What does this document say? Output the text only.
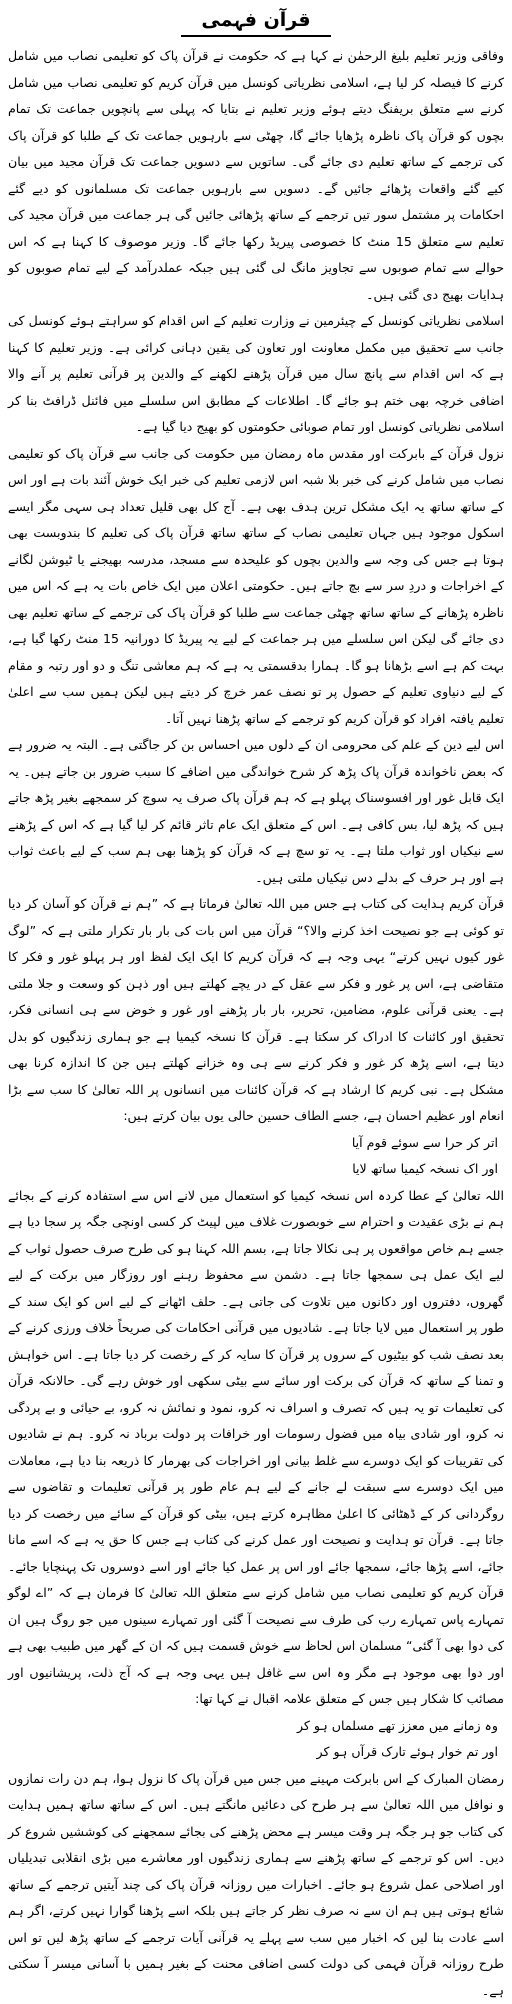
قرآن فہمی

وفاقی وزیر تعلیم بلیغ الرحمٰن نے کہا ہے کہ حکومت نے قرآن پاک کو تعلیمی نصاب میں شامل کرنے کا فیصلہ کر لیا ہے، اسلامی نظریاتی کونسل میں قرآن کریم کو تعلیمی نصاب میں شامل کرنے سے متعلق بریفنگ دیتے ہوئے وزیر تعلیم نے بتایا کہ پہلی سے پانچویں جماعت تک تمام بچوں کو قرآن پاک ناظرہ پڑھایا جائے گا، چھٹی سے بارہویں جماعت تک کے طلبا کو قرآن پاک کی ترجمے کے ساتھ تعلیم دی جائے گی۔ ساتویں سے دسویں جماعت تک قرآن مجید میں بیان کیے گئے واقعات پڑھائے جائیں گے۔ دسویں سے بارہویں جماعت تک مسلمانوں کو دیے گئے احکامات پر مشتمل سور تیں ترجمے کے ساتھ پڑھائی جائیں گی ہر جماعت میں قرآن مجید کی تعلیم سے متعلق 15 منٹ کا خصوصی پیریڈ رکھا جائے گا۔ وزیر موصوف کا کہنا ہے کہ اس حوالے سے تمام صوبوں سے تجاویز مانگ لی گئی ہیں جبکہ عملدرآمد کے لیے تمام صوبوں کو ہدایات بھیج دی گئی ہیں۔

اسلامی نظریاتی کونسل کے چیئرمین نے وزارت تعلیم کے اس اقدام کو سراہتے ہوئے کونسل کی جانب سے تحقیق میں مکمل معاونت اور تعاون کی یقین دہانی کرائی ہے۔ وزیر تعلیم کا کہنا ہے کہ اس اقدام سے پانچ سال میں قرآن پڑھنے لکھنے کے والدین پر قرآنی تعلیم پر آنے والا اضافی خرچہ بھی ختم ہو جائے گا۔ اطلاعات کے مطابق اس سلسلے میں فائنل ڈرافٹ بنا کر اسلامی نظریاتی کونسل اور تمام صوبائی حکومتوں کو بھیج دیا گیا ہے۔

نزول قرآن کے بابرکت اور مقدس ماہ رمضان میں حکومت کی جانب سے قرآن پاک کو تعلیمی نصاب میں شامل کرنے کی خبر بلا شبہ اس لازمی تعلیم کی خبر ایک خوش آئند بات ہے اور اس کے ساتھ ساتھ یہ ایک مشکل ترین ہدف بھی ہے۔ آج کل بھی قلیل تعداد ہی سہی مگر ایسے اسکول موجود ہیں جہاں تعلیمی نصاب کے ساتھ ساتھ قرآن پاک کی تعلیم کا بندوبست بھی ہوتا ہے جس کی وجہ سے والدین بچوں کو علیحدہ سے مسجد، مدرسہ بھیجنے یا ٹیوشن لگانے کے اخراجات و دردِ سر سے بچ جاتے ہیں۔ حکومتی اعلان میں ایک خاص بات یہ ہے کہ اس میں ناظرہ پڑھانے کے ساتھ ساتھ چھٹی جماعت سے طلبا کو قرآن پاک کی ترجمے کے ساتھ تعلیم بھی دی جائے گی لیکن اس سلسلے میں ہر جماعت کے لیے یہ پیریڈ کا دورانیہ 15 منٹ رکھا گیا ہے، بہت کم ہے اسے بڑھانا ہو گا۔ ہمارا بدقسمتی یہ ہے کہ ہم معاشی تنگ و دو اور رتبہ و مقام کے لیے دنیاوی تعلیم کے حصول پر تو نصف عمر خرچ کر دیتے ہیں لیکن ہمیں سب سے اعلیٰ تعلیم یافتہ افراد کو قرآن کریم کو ترجمے کے ساتھ پڑھنا نہیں آتا۔

اس لیے دین کے علم کی محرومی ان کے دلوں میں احساس بن کر جاگتی ہے۔ البتہ یہ ضرور ہے کہ بعض ناخواندہ قرآن پاک پڑھ کر شرح خواندگی میں اضافے کا سبب ضرور بن جاتے ہیں۔ یہ ایک قابل غور اور افسوسناک پہلو ہے کہ ہم قرآن پاک صرف یہ سوچ کر سمجھے بغیر پڑھ جاتے ہیں کہ پڑھ لیا، بس کافی ہے۔ اس کے متعلق ایک عام تاثر قائم کر لیا گیا ہے کہ اس کے پڑھنے سے نیکیاں اور ثواب ملتا ہے۔ یہ تو سچ ہے کہ قرآن کو پڑھنا بھی ہم سب کے لیے باعث ثواب ہے اور ہر حرف کے بدلے دس نیکیاں ملتی ہیں۔

قرآن کریم ہدایت کی کتاب ہے جس میں اللہ تعالیٰ فرماتا ہے کہ ”ہم نے قرآن کو آسان کر دیا تو کوئی ہے جو نصیحت اخذ کرنے والا؟“ قرآن میں اس بات کی بار بار تکرار ملتی ہے کہ ”لوگ غور کیوں نہیں کرتے“ یہی وجہ ہے کہ قرآن کریم کا ایک ایک لفظ اور ہر پہلو غور و فکر کا متقاضی ہے، اس پر غور و فکر سے عقل کے در یچے کھلتے ہیں اور ذہن کو وسعت و جلا ملتی ہے۔ یعنی قرآنی علوم، مضامین، تحریر، بار بار پڑھنے اور غور و خوض سے ہی انسانی فکر، تحقیق اور کائنات کا ادراک کر سکتا ہے۔ قرآن کا نسخہ کیمیا ہے جو ہماری زندگیوں کو بدل دیتا ہے، اسے پڑھ کر غور و فکر کرنے سے ہی وہ خزانے کھلتے ہیں جن کا اندازہ کرنا بھی مشکل ہے۔ نبی کریم کا ارشاد ہے کہ قرآن کائنات میں انسانوں پر اللہ تعالیٰ کا سب سے بڑا انعام اور عظیم احسان ہے، جسے الطاف حسین حالی یوں بیان کرتے ہیں:

اتر کر حرا سے سوئے قوم آیا
اور اک نسخہ کیمیا ساتھ لایا

اللہ تعالیٰ کے عطا کردہ اس نسخہ کیمیا کو استعمال میں لانے اس سے استفادہ کرنے کے بجائے ہم نے بڑی عقیدت و احترام سے خوبصورت غلاف میں لپیٹ کر کسی اونچی جگہ پر سجا دیا ہے جسے ہم خاص مواقعوں پر ہی نکالا جاتا ہے، بسم اللہ کہنا ہو کی طرح صرف حصول ثواب کے لیے ایک عمل ہی سمجھا جاتا ہے۔ دشمن سے محفوظ رہنے اور روزگار میں برکت کے لیے گھروں، دفتروں اور دکانوں میں تلاوت کی جاتی ہے۔ حلف اٹھانے کے لیے اس کو ایک سند کے طور پر استعمال میں لایا جاتا ہے۔ شادیوں میں قرآنی احکامات کی صریحاً خلاف ورزی کرنے کے بعد نصف شب کو بیٹیوں کے سروں پر قرآن کا سایہ کر کے رخصت کر دیا جاتا ہے۔ اس خواہش و تمنا کے ساتھ کہ قرآن کی برکت اور سائے سے بیٹی سکھی اور خوش رہے گی۔ حالانکہ قرآن کی تعلیمات تو یہ ہیں کہ تصرف و اسراف نہ کرو، نمود و نمائش نہ کرو، بے حیائی و بے پردگی نہ کرو، اور شادی بیاہ میں فضول رسومات اور خرافات پر دولت برباد نہ کرو۔ ہم نے شادیوں کی تقریبات کو ایک دوسرے سے غلط بیانی اور اخراجات کی بھرمار کا ذریعہ بنا دیا ہے، معاملات میں ایک دوسرے سے سبقت لے جانے کے لیے ہم عام طور پر قرآنی تعلیمات و تقاضوں سے روگردانی کر کے ڈھٹائی کا اعلیٰ مظاہرہ کرتے ہیں، بیٹی کو قرآن کے سائے میں رخصت کر دیا جاتا ہے۔ قرآن تو ہدایت و نصیحت اور عمل کرنے کی کتاب ہے جس کا حق یہ ہے کہ اسے مانا جائے، اسے پڑھا جائے، سمجھا جائے اور اس پر عمل کیا جائے اور اسے دوسروں تک پہنچایا جائے۔ قرآن کریم کو تعلیمی نصاب میں شامل کرنے سے متعلق اللہ تعالیٰ کا فرمان ہے کہ ”اے لوگو تمہارے پاس تمہارے رب کی طرف سے نصیحت آ گئی اور تمہارے سینوں میں جو روگ ہیں ان کی دوا بھی آ گئی“ مسلمان اس لحاظ سے خوش قسمت ہیں کہ ان کے گھر میں طبیب بھی ہے اور دوا بھی موجود ہے مگر وہ اس سے غافل ہیں یہی وجہ ہے کہ آج ذلت، پریشانیوں اور مصائب کا شکار ہیں جس کے متعلق علامہ اقبال نے کہا تھا:

وہ زمانے میں معزز تھے مسلماں ہو کر
اور تم خوار ہوئے تارک قرآں ہو کر

رمضان المبارک کے اس بابرکت مہینے میں جس میں قرآن پاک کا نزول ہوا، ہم دن رات نمازوں و نوافل میں اللہ تعالیٰ سے ہر طرح کی دعائیں مانگتے ہیں۔ اس کے ساتھ ساتھ ہمیں ہدایت کی کتاب جو ہر جگہ ہر وقت میسر ہے محض پڑھنے کی بجائے سمجھنے کی کوششیں شروع کر دیں۔ اس کو ترجمے کے ساتھ پڑھنے سے ہماری زندگیوں اور معاشرے میں بڑی انقلابی تبدیلیاں اور اصلاحی عمل شروع ہو جائے۔ اخبارات میں روزانہ قرآن پاک کی چند آیتیں ترجمے کے ساتھ شائع ہوتی ہیں ہم ان سے نہ صرف نظر کر جاتے ہیں بلکہ اسے پڑھنا گوارا نہیں کرتے، اگر ہم اسے عادت بنا لیں کہ اخبار میں سب سے پہلے یہ قرآنی آیات ترجمے کے ساتھ پڑھ لیں تو اس طرح روزانہ قرآن فہمی کی دولت کسی اضافی محنت کے بغیر ہمیں با آسانی میسر آ سکتی ہے۔
